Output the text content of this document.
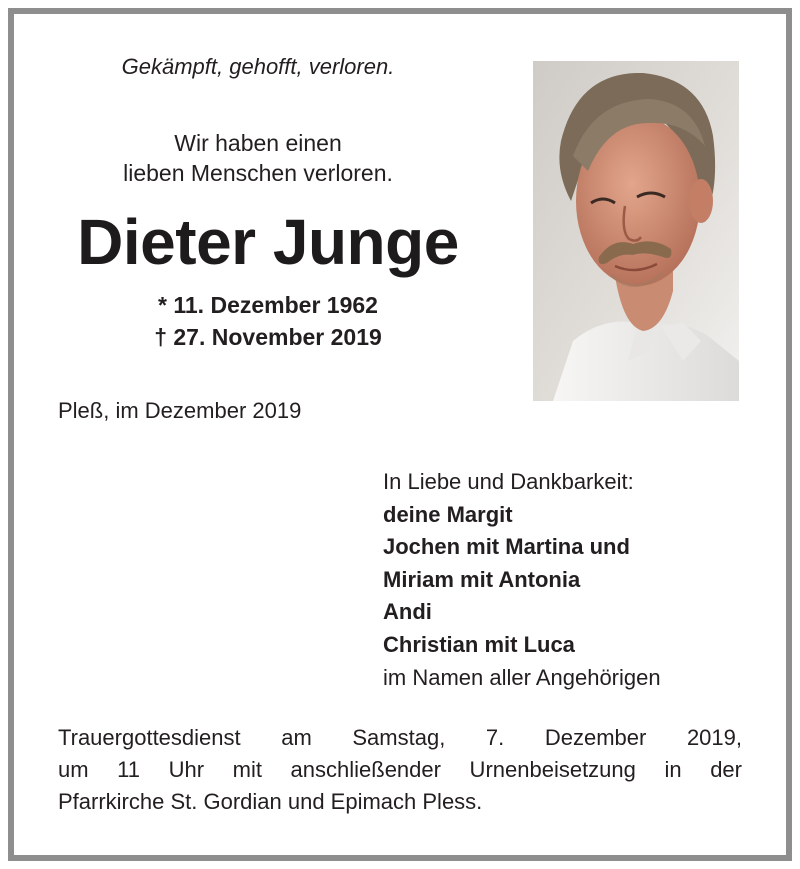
Gekämpft, gehofft, verloren.
Wir haben einen
lieben Menschen verloren.
Dieter Junge
* 11. Dezember 1962
† 27. November 2019
Pleß, im Dezember 2019
In Liebe und Dankbarkeit:
deine Margit
Jochen mit Martina und
Miriam mit Antonia
Andi
Christian mit Luca
im Namen aller Angehörigen
Trauergottesdienst am Samstag, 7. Dezember 2019,
um 11 Uhr mit anschließender Urnenbeisetzung in der
Pfarrkirche St. Gordian und Epimach Pless.
